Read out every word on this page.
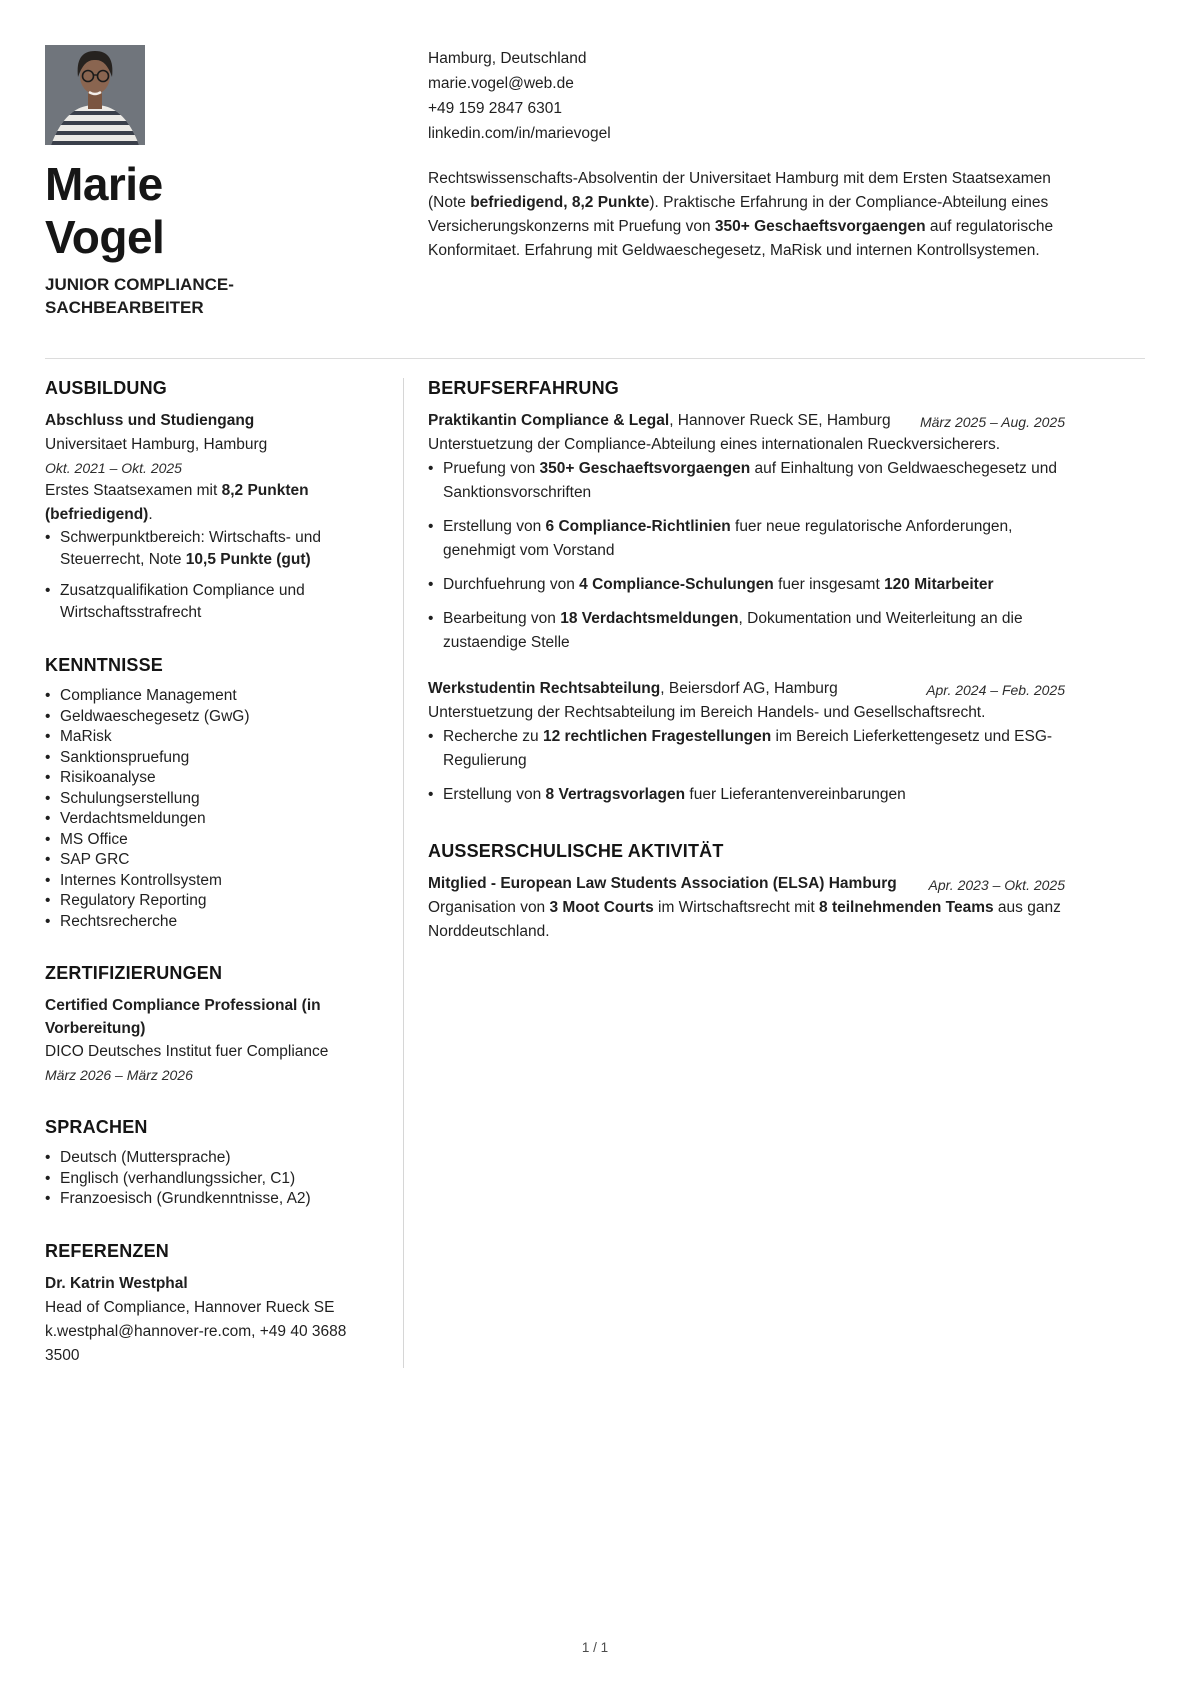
Marie
Vogel
JUNIOR COMPLIANCE-SACHBEARBEITER
Hamburg, Deutschland
marie.vogel@web.de
+49 159 2847 6301
linkedin.com/in/marievogel
Rechtswissenschafts-Absolventin der Universitaet Hamburg mit dem Ersten Staatsexamen (Note befriedigend, 8,2 Punkte). Praktische Erfahrung in der Compliance-Abteilung eines Versicherungskonzerns mit Pruefung von 350+ Geschaeftsvorgaengen auf regulatorische Konformitaet. Erfahrung mit Geldwaeschegesetz, MaRisk und internen Kontrollsystemen.
AUSBILDUNG
Abschluss und Studiengang
Universitaet Hamburg, Hamburg
Okt. 2021 – Okt. 2025
Erstes Staatsexamen mit 8,2 Punkten (befriedigend).
• Schwerpunktbereich: Wirtschafts- und Steuerrecht, Note 10,5 Punkte (gut)
• Zusatzqualifikation Compliance und Wirtschaftsstrafrecht
KENNTNISSE
• Compliance Management
• Geldwaeschegesetz (GwG)
• MaRisk
• Sanktionspruefung
• Risikoanalyse
• Schulungserstellung
• Verdachtsmeldungen
• MS Office
• SAP GRC
• Internes Kontrollsystem
• Regulatory Reporting
• Rechtsrecherche
ZERTIFIZIERUNGEN
Certified Compliance Professional (in Vorbereitung)
DICO Deutsches Institut fuer Compliance
März 2026 – März 2026
SPRACHEN
• Deutsch (Muttersprache)
• Englisch (verhandlungssicher, C1)
• Franzoesisch (Grundkenntnisse, A2)
REFERENZEN
Dr. Katrin Westphal
Head of Compliance, Hannover Rueck SE
k.westphal@hannover-re.com, +49 40 3688 3500
BERUFSERFAHRUNG
Praktikantin Compliance & Legal, Hannover Rueck SE, Hamburg	März 2025 – Aug. 2025
Unterstuetzung der Compliance-Abteilung eines internationalen Rueckversicherers.
• Pruefung von 350+ Geschaeftsvorgaengen auf Einhaltung von Geldwaeschegesetz und Sanktionsvorschriften
• Erstellung von 6 Compliance-Richtlinien fuer neue regulatorische Anforderungen, genehmigt vom Vorstand
• Durchfuehrung von 4 Compliance-Schulungen fuer insgesamt 120 Mitarbeiter
• Bearbeitung von 18 Verdachtsmeldungen, Dokumentation und Weiterleitung an die zustaendige Stelle
Werkstudentin Rechtsabteilung, Beiersdorf AG, Hamburg	Apr. 2024 – Feb. 2025
Unterstuetzung der Rechtsabteilung im Bereich Handels- und Gesellschaftsrecht.
• Recherche zu 12 rechtlichen Fragestellungen im Bereich Lieferkettengesetz und ESG-Regulierung
• Erstellung von 8 Vertragsvorlagen fuer Lieferantenvereinbarungen
AUSSERSCHULISCHE AKTIVITÄT
Mitglied - European Law Students Association (ELSA) Hamburg	Apr. 2023 – Okt. 2025
Organisation von 3 Moot Courts im Wirtschaftsrecht mit 8 teilnehmenden Teams aus ganz Norddeutschland.
1 / 1
